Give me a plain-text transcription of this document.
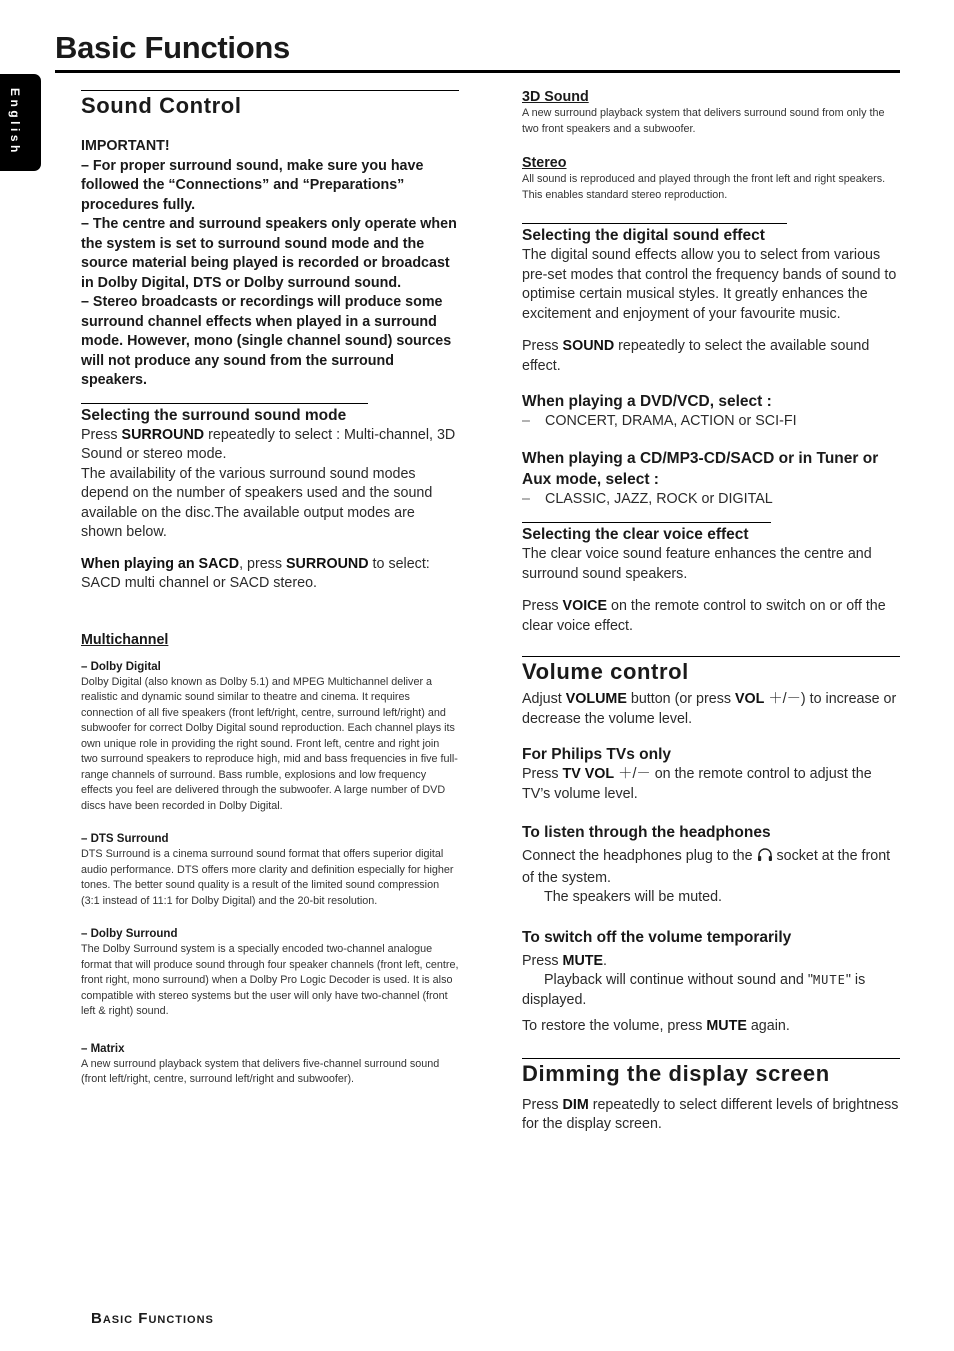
Basic Functions
English	Sound Control

IMPORTANT!

– For proper surround sound, make sure you have followed the “Connections” and “Preparations” procedures fully.

– The centre and surround speakers only operate when the system is set to surround sound mode and the source material being played is recorded or broadcast in Dolby Digital, DTS or Dolby surround sound.

– Stereo broadcasts or recordings will produce some surround channel effects when played in a surround mode. However, mono (single channel sound) sources will not produce any sound from the surround speakers.

Selecting the surround sound mode

Press SURROUND repeatedly to select : Multi-channel, 3D Sound or stereo mode.

The availability of the various surround sound modes depend on the number of speakers used and the sound available on the disc.The available output modes are shown below.

When playing an SACD, press SURROUND to select: SACD multi channel or SACD stereo.

Multichannel

– Dolby Digital

Dolby Digital (also known as Dolby 5.1) and MPEG Multichannel deliver a realistic and dynamic sound similar to theatre and cinema. It requires connection of all five speakers (front left/right, centre, surround left/right) and subwoofer for correct Dolby Digital sound reproduction. Each channel plays its own unique role in providing the right sound. Front left, centre and right join two surround speakers to reproduce high, mid and bass frequencies in five full-range channels of surround. Bass rumble, explosions and low frequency effects you feel are delivered through the subwoofer. A large number of DVD discs have been recorded in Dolby Digital.

– DTS Surround

DTS Surround is a cinema surround sound format that offers superior digital audio performance. DTS offers more clarity and definition especially for higher tones. The better sound quality is a result of the limited sound compression (3:1 instead of 11:1 for Dolby Digital) and the 20-bit resolution.

– Dolby Surround

The Dolby Surround system is a specially encoded two-channel analogue format that will produce sound through four speaker channels (front left, centre, front right, mono surround) when a Dolby Pro Logic Decoder is used. It is also compatible with stereo systems but the user will only have two-channel (front left & right) sound.

– Matrix

A new surround playback system that delivers five-channel surround sound (front left/right, centre, surround left/right and subwoofer).

3D Sound

A new surround playback system that delivers surround sound from only the two front speakers and a subwoofer.

Stereo

All sound is reproduced and played through the front left and right speakers. This enables standard stereo reproduction.

Selecting the digital sound effect

The digital sound effects allow you to select from various pre-set modes that control the frequency bands of sound to optimise certain musical styles. It greatly enhances the excitement and enjoyment of your favourite music.

Press SOUND repeatedly to select the available sound effect.

When playing a DVD/VCD, select :

– CONCERT, DRAMA, ACTION or SCI-FI

When playing a CD/MP3-CD/SACD or in Tuner or Aux mode, select :

– CLASSIC, JAZZ, ROCK or DIGITAL

Selecting the clear voice effect

The clear voice sound feature enhances the centre and surround sound speakers.

Press VOICE on the remote control to switch on or off the clear voice effect.

Volume control

Adjust VOLUME button (or press VOL ＋/－) to increase or decrease the volume level.

For Philips TVs only

Press TV VOL ＋/－ on the remote control to adjust the TV’s volume level.

To listen through the headphones

Connect the headphones plug to the  socket at the front of the system.

The speakers will be muted.

To switch off the volume temporarily

Press MUTE.

Playback will continue without sound and "MUTE" is displayed.

To restore the volume, press MUTE again.

Dimming the display screen

Press DIM repeatedly to select different levels of brightness for the display screen.

Basic Functions
